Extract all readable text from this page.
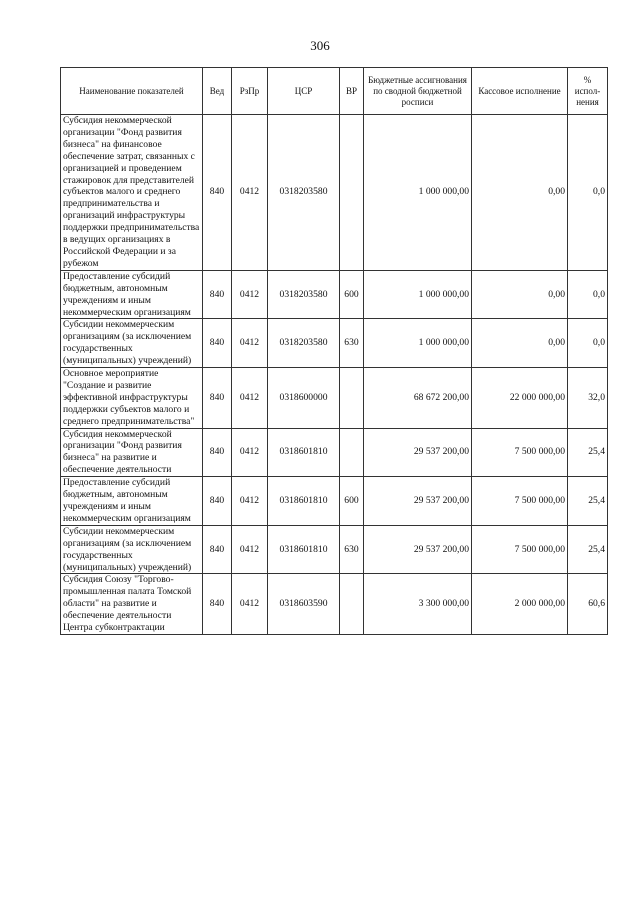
306
Наименование показателей	Вед	РзПр	ЦСР	ВР	Бюджетные ассигнования по сводной бюджетной росписи	Кассовое исполнение	% испол-нения
Субсидия некоммерческой организации "Фонд развития бизнеса" на финансовое обеспечение затрат, связанных с организацией и проведением стажировок для представителей субъектов малого и среднего предпринимательства и организаций инфраструктуры поддержки предпринимательства в ведущих организациях в Российской Федерации и за рубежом	840	0412	0318203580		1 000 000,00	0,00	0,0
Предоставление субсидий бюджетным, автономным учреждениям и иным некоммерческим организациям	840	0412	0318203580	600	1 000 000,00	0,00	0,0
Субсидии некоммерческим организациям (за исключением государственных (муниципальных) учреждений)	840	0412	0318203580	630	1 000 000,00	0,00	0,0
Основное мероприятие "Создание и развитие эффективной инфраструктуры поддержки субъектов малого и среднего предпринимательства"	840	0412	0318600000		68 672 200,00	22 000 000,00	32,0
Субсидия некоммерческой организации "Фонд развития бизнеса" на развитие и обеспечение деятельности	840	0412	0318601810		29 537 200,00	7 500 000,00	25,4
Предоставление субсидий бюджетным, автономным учреждениям и иным некоммерческим организациям	840	0412	0318601810	600	29 537 200,00	7 500 000,00	25,4
Субсидии некоммерческим организациям (за исключением государственных (муниципальных) учреждений)	840	0412	0318601810	630	29 537 200,00	7 500 000,00	25,4
Субсидия Союзу "Торгово-промышленная палата Томской области" на развитие и обеспечение деятельности Центра субконтрактации	840	0412	0318603590		3 300 000,00	2 000 000,00	60,6
